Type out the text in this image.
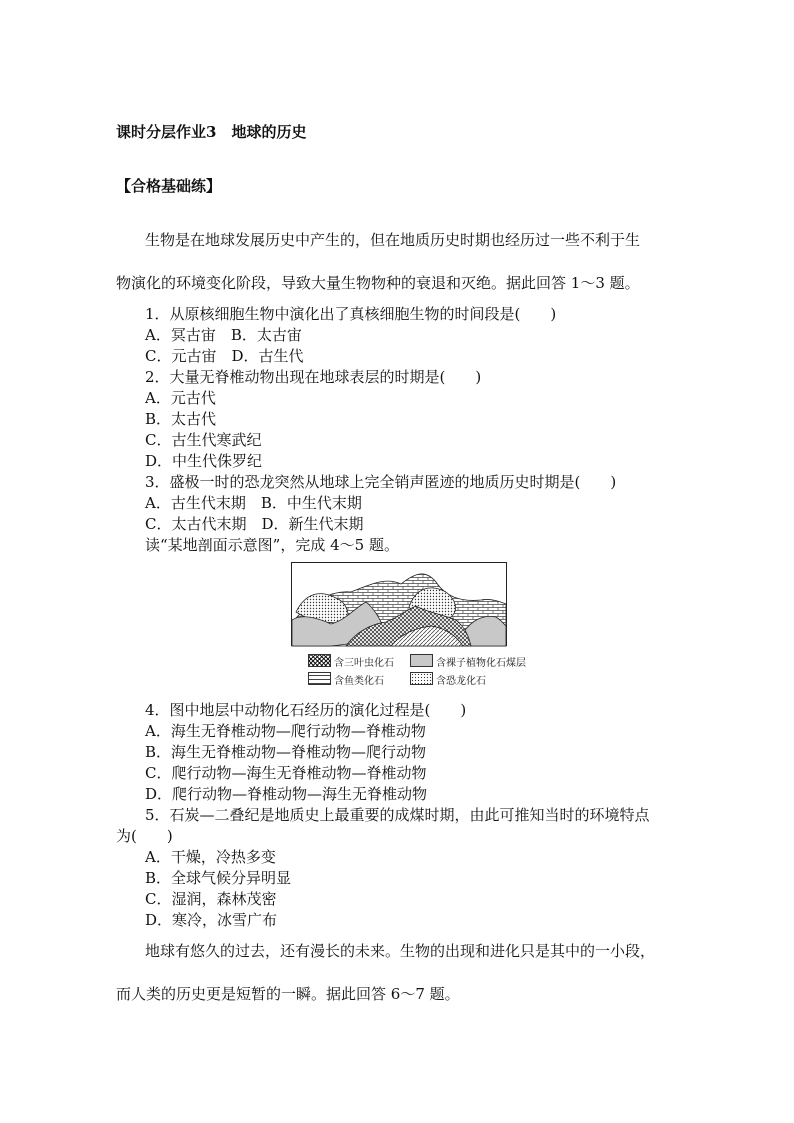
课时分层作业3　地球的历史
【合格基础练】
生物是在地球发展历史中产生的，但在地质历史时期也经历过一些不利于生
物演化的环境变化阶段，导致大量生物物种的衰退和灭绝。据此回答 1～3 题。
1．从原核细胞生物中演化出了真核细胞生物的时间段是(　　)
A．冥古宙　B．太古宙
C．元古宙　D．古生代
2．大量无脊椎动物出现在地球表层的时期是(　　)
A．元古代
B．太古代
C．古生代寒武纪
D．中生代侏罗纪
3．盛极一时的恐龙突然从地球上完全销声匿迹的地质历史时期是(　　)
A．古生代末期　B．中生代末期
C．太古代末期　D．新生代末期
读“某地剖面示意图”，完成 4～5 题。
含三叶虫化石	含裸子植物化石煤层
含鱼类化石	含恐龙化石
4．图中地层中动物化石经历的演化过程是(　　)
A．海生无脊椎动物—爬行动物—脊椎动物
B．海生无脊椎动物—脊椎动物—爬行动物
C．爬行动物—海生无脊椎动物—脊椎动物
D．爬行动物—脊椎动物—海生无脊椎动物
5．石炭—二叠纪是地质史上最重要的成煤时期，由此可推知当时的环境特点
为(　　)
A．干燥，冷热多变
B．全球气候分异明显
C．湿润，森林茂密
D．寒冷，冰雪广布
地球有悠久的过去，还有漫长的未来。生物的出现和进化只是其中的一小段，
而人类的历史更是短暂的一瞬。据此回答 6～7 题。
